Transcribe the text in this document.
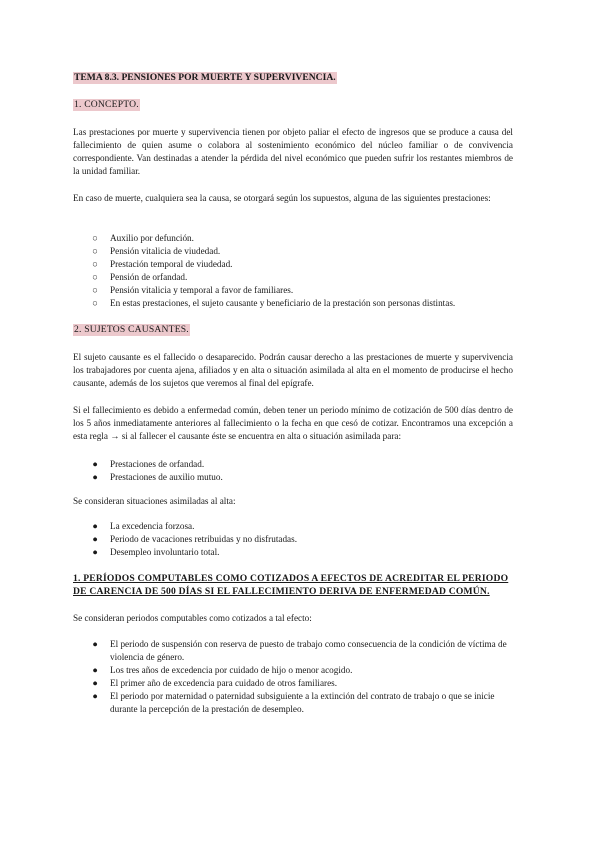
TEMA 8.3. PENSIONES POR MUERTE Y SUPERVIVENCIA.
1. CONCEPTO.

Las prestaciones por muerte y supervivencia tienen por objeto paliar el efecto de ingresos que se produce a causa del fallecimiento de quien asume o colabora al sostenimiento económico del núcleo familiar o de convivencia correspondiente. Van destinadas a atender la pérdida del nivel económico que pueden sufrir los restantes miembros de la unidad familiar.

En caso de muerte, cualquiera sea la causa, se otorgará según los supuestos, alguna de las siguientes prestaciones:

○ Auxilio por defunción.
○ Pensión vitalicia de viudedad.
○ Prestación temporal de viudedad.
○ Pensión de orfandad.
○ Pensión vitalicia y temporal a favor de familiares.
○ En estas prestaciones, el sujeto causante y beneficiario de la prestación son personas distintas.
2. SUJETOS CAUSANTES.

El sujeto causante es el fallecido o desaparecido. Podrán causar derecho a las prestaciones de muerte y supervivencia los trabajadores por cuenta ajena, afiliados y en alta o situación asimilada al alta en el momento de producirse el hecho causante, además de los sujetos que veremos al final del epígrafe.

Si el fallecimiento es debido a enfermedad común, deben tener un periodo mínimo de cotización de 500 días dentro de los 5 años inmediatamente anteriores al fallecimiento o la fecha en que cesó de cotizar. Encontramos una excepción a esta regla → si al fallecer el causante éste se encuentra en alta o situación asimilada para:

● Prestaciones de orfandad.
● Prestaciones de auxilio mutuo.

Se consideran situaciones asimiladas al alta:

● La excedencia forzosa.
● Periodo de vacaciones retribuidas y no disfrutadas.
● Desempleo involuntario total.
1. PERÍODOS COMPUTABLES COMO COTIZADOS A EFECTOS DE ACREDITAR EL PERIODO DE CARENCIA DE 500 DÍAS SI EL FALLECIMIENTO DERIVA DE ENFERMEDAD COMÚN.

Se consideran periodos computables como cotizados a tal efecto:

● El periodo de suspensión con reserva de puesto de trabajo como consecuencia de la condición de víctima de violencia de género.
● Los tres años de excedencia por cuidado de hijo o menor acogido.
● El primer año de excedencia para cuidado de otros familiares.
● El periodo por maternidad o paternidad subsiguiente a la extinción del contrato de trabajo o que se inicie durante la percepción de la prestación de desempleo.
